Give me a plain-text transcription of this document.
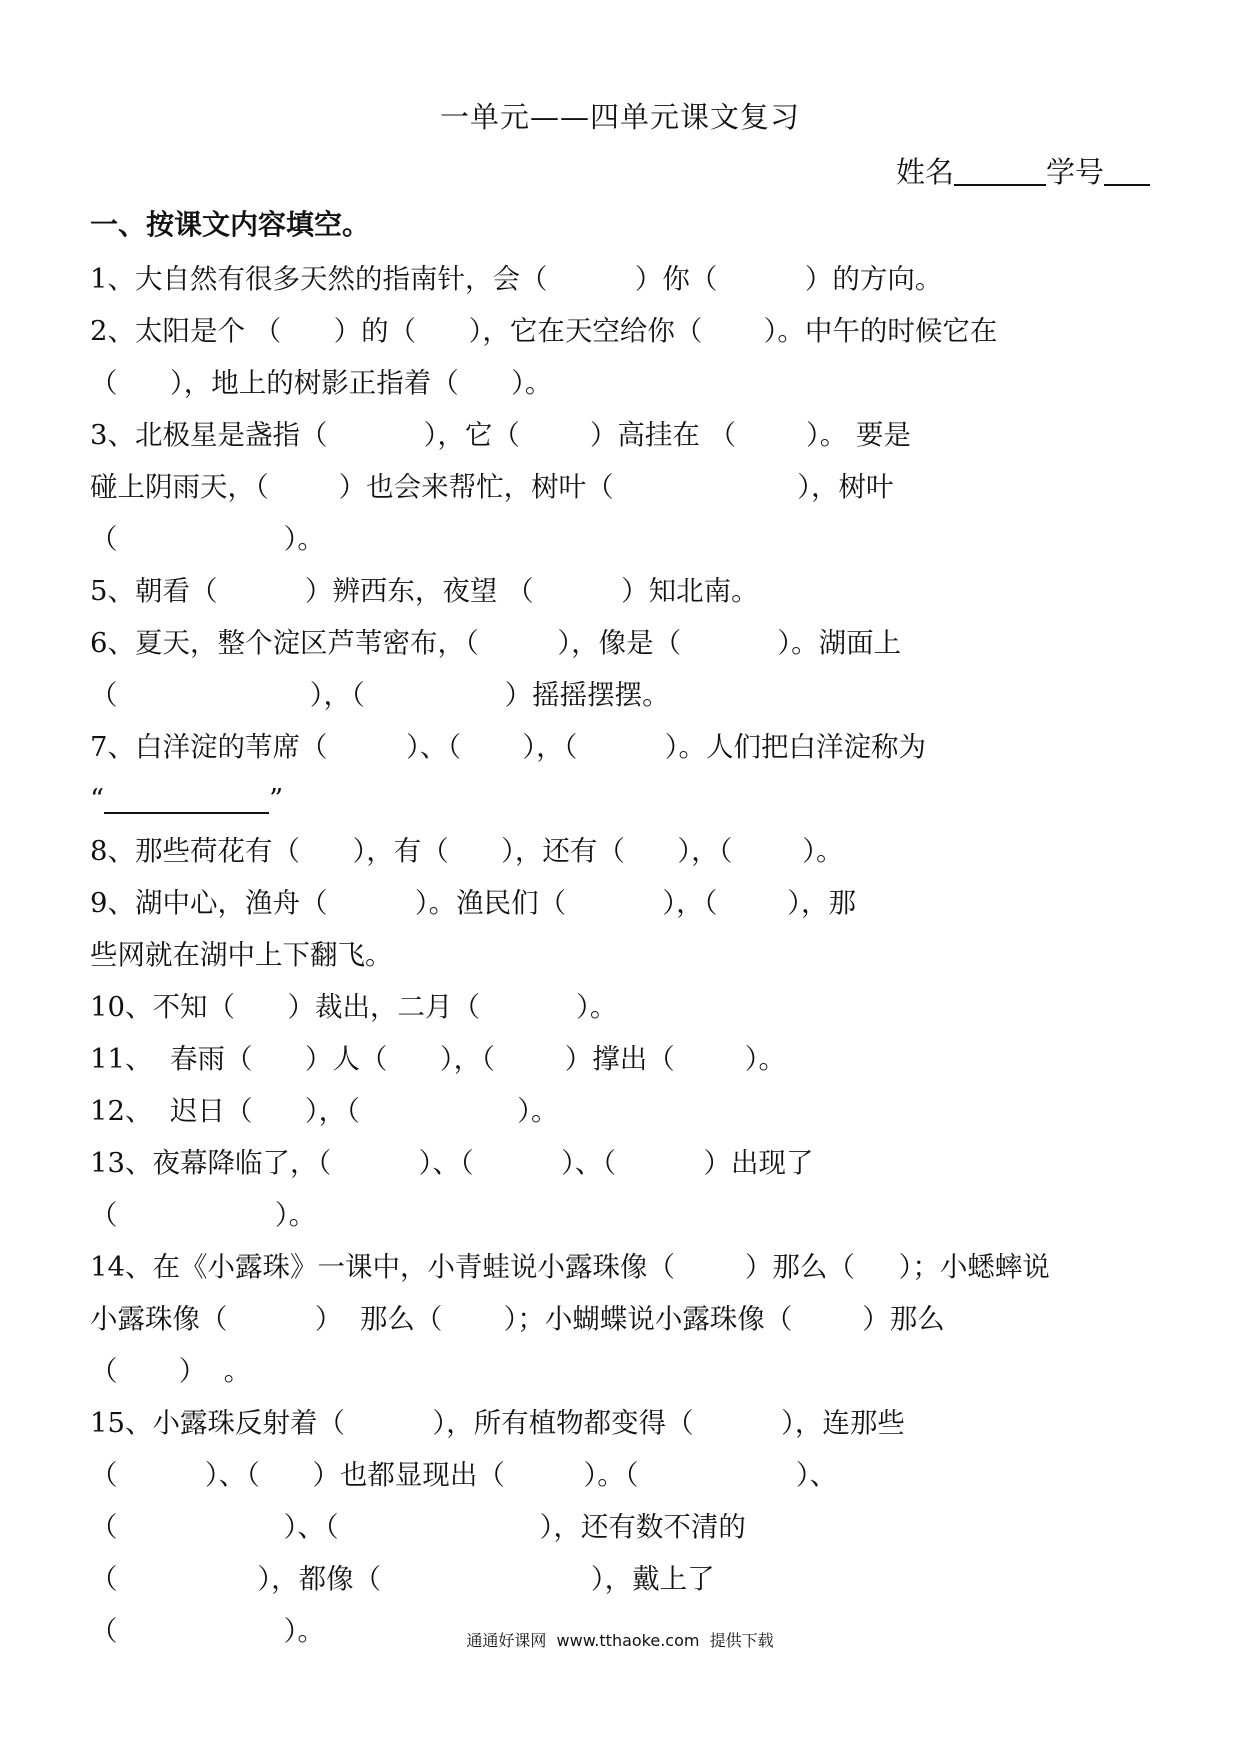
一单元——四单元课文复习
姓名	学号
一、按课文内容填空。
1、大自然有很多天然的指南针，会（          ）你（          ）的方向。
2、太阳是个 （      ）的（      ），它在天空给你（       ）。中午的时候它在
（      ），地上的树影正指着（      ）。
3、北极星是盏指（           ），它（        ）高挂在 （        ）。 要是
碰上阴雨天，（        ）也会来帮忙，树叶（                     ），树叶
（                   ）。
5、朝看（          ）辨西东，夜望 （          ）知北南。
6、夏天，整个淀区芦苇密布，（         ），像是（           ）。湖面上
（                      ），（                ）摇摇摆摆。
7、白洋淀的苇席（         ）、（       ），（          ）。人们把白洋淀称为
“	”
8、那些荷花有（      ），有（      ），还有（      ），（        ）。
9、湖中心，渔舟（          ）。渔民们（           ），（        ），那
些网就在湖中上下翻飞。
10、不知（      ）裁出，二月（           ）。
11、  春雨（      ）人（      ），（        ）撑出（        ）。
12、  迟日（      ），（                  ）。
13、夜幕降临了，（          ）、（          ）、（          ）出现了
（                  ）。
14、在《小露珠》一课中，小青蛙说小露珠像（        ）那么（     ）；小蟋蟀说
小露珠像（          ）  那么（       ）；小蝴蝶说小露珠像（        ）那么
（       ）  。
15、小露珠反射着（          ），所有植物都变得（          ），连那些
（          ）、（      ）也都显现出（         ）。（                  ）、
（                   ）、（                       ），还有数不清的
（                ），都像（                        ），戴上了
（                   ）。	通通好课网  www.tthaoke.com  提供下载
